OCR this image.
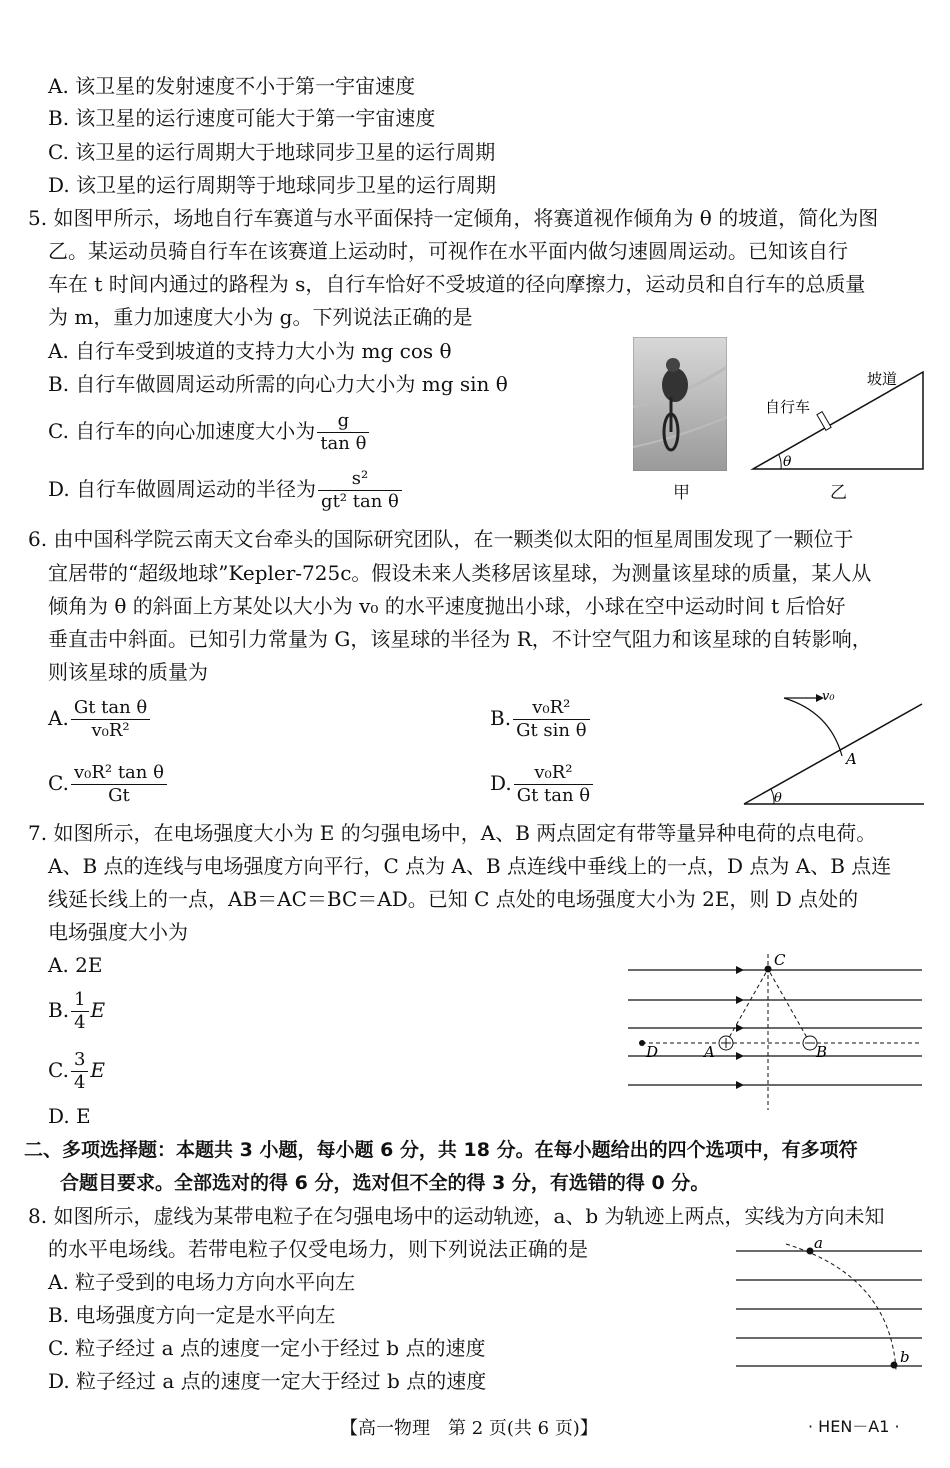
A. 该卫星的发射速度不小于第一宇宙速度
B. 该卫星的运行速度可能大于第一宇宙速度
C. 该卫星的运行周期大于地球同步卫星的运行周期
D. 该卫星的运行周期等于地球同步卫星的运行周期
5. 如图甲所示，场地自行车赛道与水平面保持一定倾角，将赛道视作倾角为 θ 的坡道，简化为图
乙。某运动员骑自行车在该赛道上运动时，可视作在水平面内做匀速圆周运动。已知该自行
车在 t 时间内通过的路程为 s，自行车恰好不受坡道的径向摩擦力，运动员和自行车的总质量
为 m，重力加速度大小为 g。下列说法正确的是
A. 自行车受到坡道的支持力大小为 mg cos θ
B. 自行车做圆周运动所需的向心力大小为 mg sin θ
C. 自行车的向心加速度大小为 $\frac{g}{\text{tan θ}}$
D. 自行车做圆周运动的半径为 $\frac{\text{s²}}{\text{gt² tan θ}}$	甲
θ
自行车
坡道
乙
6. 由中国科学院云南天文台牵头的国际研究团队，在一颗类似太阳的恒星周围发现了一颗位于
宜居带的“超级地球”Kepler-725c。假设未来人类移居该星球，为测量该星球的质量，某人从
倾角为 θ 的斜面上方某处以大小为 v₀ 的水平速度抛出小球，小球在空中运动时间 t 后恰好
垂直击中斜面。已知引力常量为 G，该星球的半径为 R，不计空气阻力和该星球的自转影响，
则该星球的质量为
A. $\frac{\text{Gt tan θ}}{\text{v₀R²}}$	B. $\frac{\text{v₀R²}}{\text{Gt sin θ}}$
C. $\frac{\text{v₀R² tan θ}}{Gt}$	D. $\frac{\text{v₀R²}}{\text{Gt tan θ}}$	θ
v₀
A
7. 如图所示，在电场强度大小为 E 的匀强电场中，A、B 两点固定有带等量异种电荷的点电荷。
A、B 点的连线与电场强度方向平行，C 点为 A、B 点连线中垂线上的一点，D 点为 A、B 点连
线延长线上的一点，AB＝AC＝BC＝AD。已知 C 点处的电场强度大小为 2E，则 D 点处的
电场强度大小为
A. 2E
B. $\frac{1}{4}$ E
C. $\frac{3}{4}$ E
D. E
C
D	A	B
二、多项选择题：本题共 3 小题，每小题 6 分，共 18 分。在每小题给出的四个选项中，有多项符
合题目要求。全部选对的得 6 分，选对但不全的得 3 分，有选错的得 0 分。
8. 如图所示，虚线为某带电粒子在匀强电场中的运动轨迹，a、b 为轨迹上两点，实线为方向未知
的水平电场线。若带电粒子仅受电场力，则下列说法正确的是
A. 粒子受到的电场力方向水平向左
B. 电场强度方向一定是水平向左
C. 粒子经过 a 点的速度一定小于经过 b 点的速度
D. 粒子经过 a 点的速度一定大于经过 b 点的速度
a
b
【高一物理　第 2 页(共 6 页)】	· HEN－A1 ·
